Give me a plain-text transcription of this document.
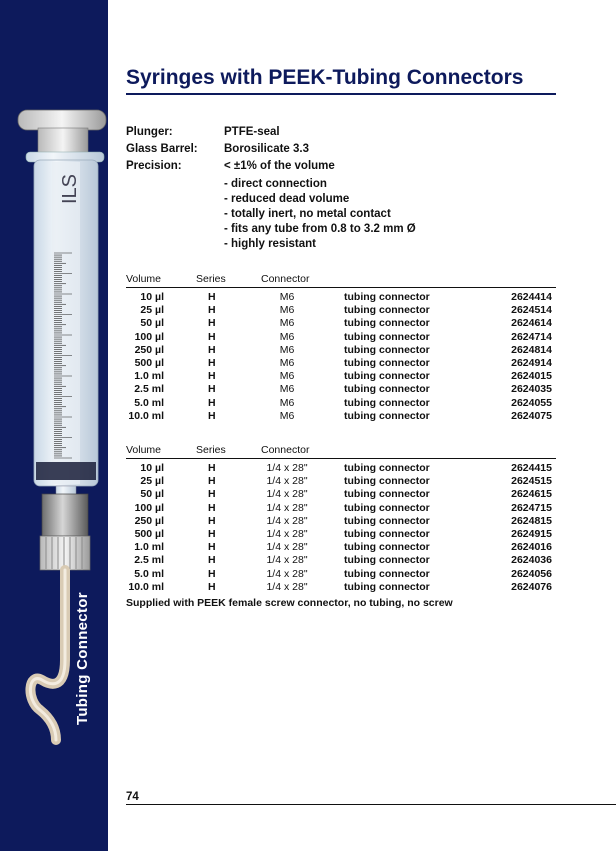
ILS
Tubing Connector
Syringes with PEEK-Tubing Connectors
Plunger:	PTFE-seal
Glass Barrel:	Borosilicate 3.3
Precision:	< ±1% of the volume
- direct connection
- reduced dead volume
- totally inert, no metal contact
- fits any tube from 0.8 to 3.2 mm Ø
- highly resistant
Volume	Series	Connector
10 µl	H	M6	tubing connector	2624414
25 µl	H	M6	tubing connector	2624514
50 µl	H	M6	tubing connector	2624614
100 µl	H	M6	tubing connector	2624714
250 µl	H	M6	tubing connector	2624814
500 µl	H	M6	tubing connector	2624914
1.0 ml	H	M6	tubing connector	2624015
2.5 ml	H	M6	tubing connector	2624035
5.0 ml	H	M6	tubing connector	2624055
10.0 ml	H	M6	tubing connector	2624075
Volume	Series	Connector
10 µl	H	1/4 x 28"	tubing connector	2624415
25 µl	H	1/4 x 28"	tubing connector	2624515
50 µl	H	1/4 x 28"	tubing connector	2624615
100 µl	H	1/4 x 28"	tubing connector	2624715
250 µl	H	1/4 x 28"	tubing connector	2624815
500 µl	H	1/4 x 28"	tubing connector	2624915
1.0 ml	H	1/4 x 28"	tubing connector	2624016
2.5 ml	H	1/4 x 28"	tubing connector	2624036
5.0 ml	H	1/4 x 28"	tubing connector	2624056
10.0 ml	H	1/4 x 28"	tubing connector	2624076
Supplied with PEEK female screw connector, no tubing, no screw
74
